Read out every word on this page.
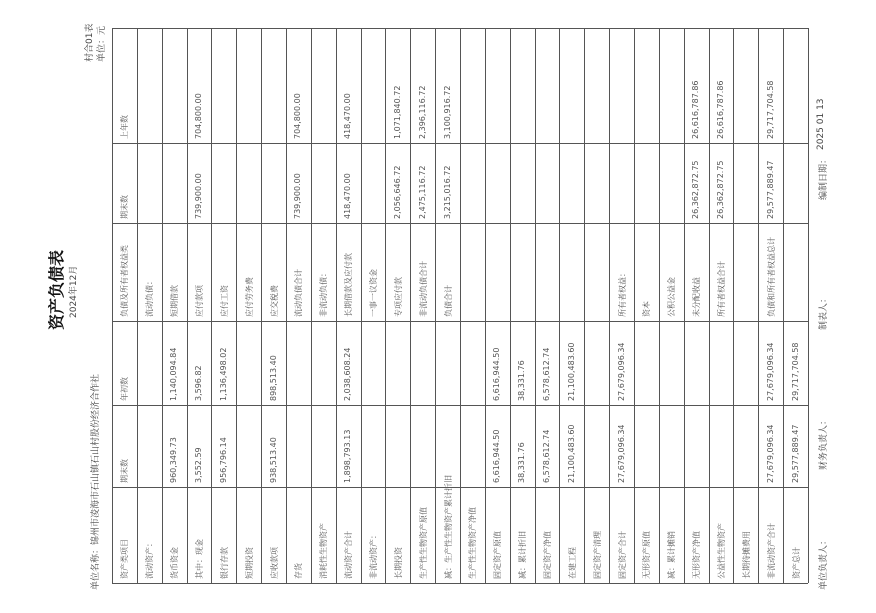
资产负债表 2024年12月
村合01表 单位：元
单位名称：
锦州市凌海市石山镇石山村股份经济合作社
单位负责人：
财务负责人：
制表人：
编制日期：
2025 01 13
资产类项目
期末数
年初数
负债及所有者权益类
期末数
上年数
流动资产： 货币资金
960,349.73
1,140,094.84
其中：现金
3,552.59
3,596.82
银行存款
956,796.14
1,136,498.02
短期投资 应收款项
938,513.40
898,513.40
存货 消耗性生物资产 流动资产合计
1,898,793.13
2,038,608.24
非流动资产： 长期投资 生产性生物资产原值 减：生产性生物资产累计折旧 生产性生物资产净值 固定资产原值
6,616,944.50
6,616,944.50
减：累计折旧
38,331.76
38,331.76
固定资产净值
6,578,612.74
6,578,612.74
在建工程
21,100,483.60
21,100,483.60
固定资产清理 固定资产合计
27,679,096.34
27,679,096.34
无形资产原值 减：累计摊销 无形资产净值 公益性生物资产 长期待摊费用 非流动资产合计
27,679,096.34
27,679,096.34
资产总计
29,577,889.47
29,717,704.58
流动负债： 短期借款 应付款项
739,900.00
704,800.00
应付工资 应付劳务费 应交税费 流动负债合计
739,900.00
704,800.00
非流动负债： 长期借款及应付款
418,470.00
418,470.00
一事一议资金 专项应付款
2,056,646.72
1,071,840.72
非流动负债合计
2,475,116.72
2,396,116.72
负债合计
3,215,016.72
3,100,916.72
所有者权益： 资本 公积公益金 未分配收益
26,362,872.75
26,616,787.86
所有者权益合计
26,362,872.75
26,616,787.86
负债和所有者权益总计
29,577,889.47
29,717,704.58
